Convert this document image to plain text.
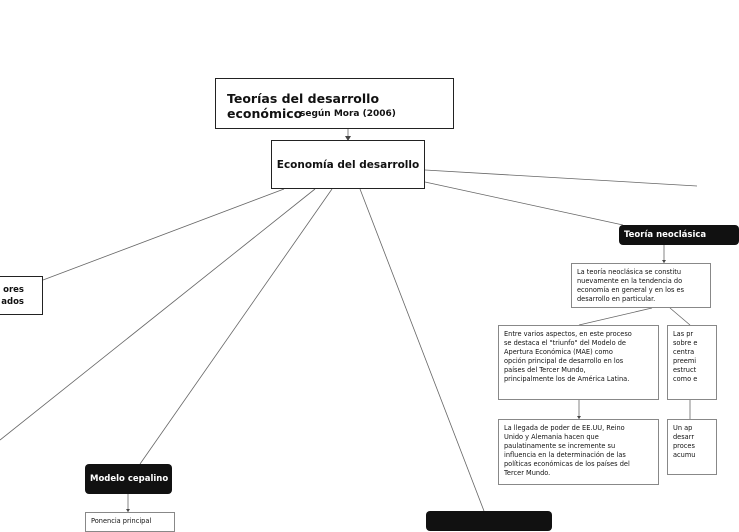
Teorías del desarrollo económico
según Mora (2006)
Economía del desarrollo
ores
ados
Teoría neoclásica
La teoría neoclásica se constitu
nuevamente en la tendencia do
economía en general y en los es
desarrollo en particular.
Entre varios aspectos, en este proceso
se destaca el "triunfo" del Modelo de
Apertura Económica (MAE) como
opción principal de desarrollo en los
países del Tercer Mundo,
principalmente los de América Latina.
Las pr
sobre e
centra
preemi
estruct
como e
La llegada de poder de EE.UU, Reino
Unido y Alemania hacen que
paulatinamente se incremente su
influencia en la determinación de las
políticas económicas de los países del
Tercer Mundo.
Un ap
desarr
proces
acumu
Modelo cepalino
Ponencia principal
